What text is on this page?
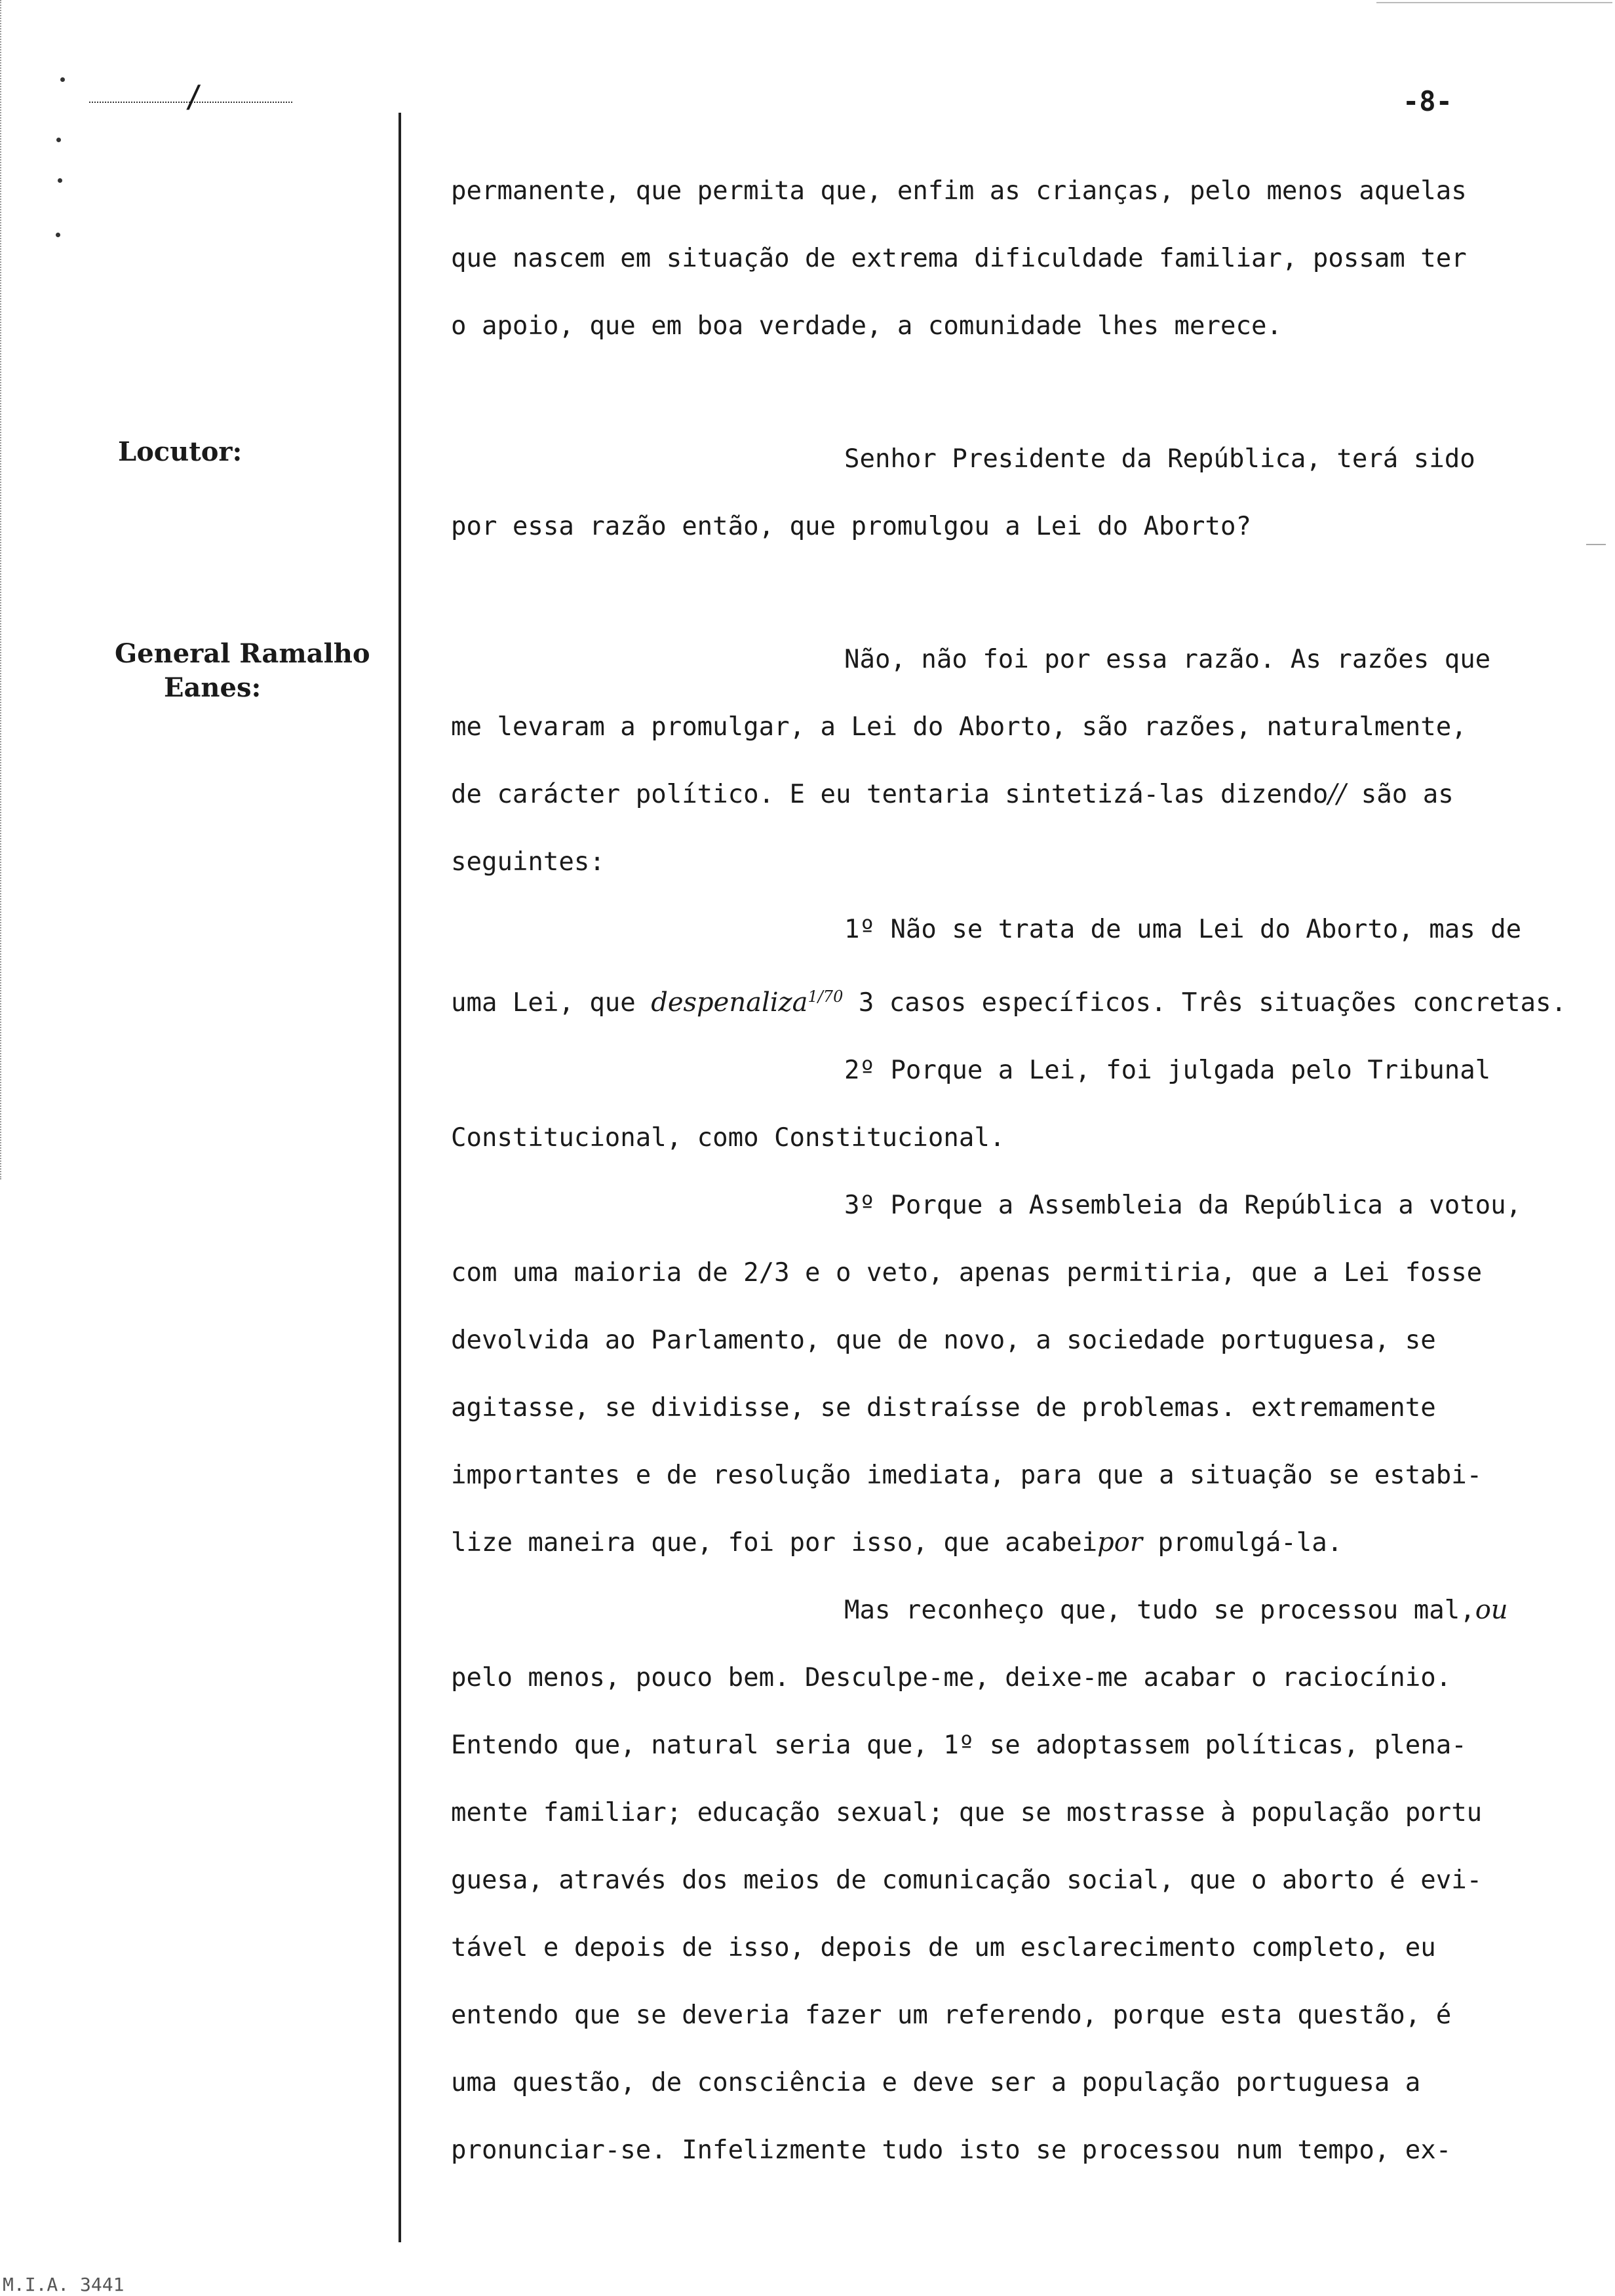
/	-8-
Locutor:
General Ramalho
Eanes:
permanente, que permita que, enfim as crianças, pelo menos aquelas
que nascem em situação de extrema dificuldade familiar, possam ter
o apoio, que em boa verdade, a comunidade lhes merece.
Senhor Presidente da República, terá sido
por essa razão então, que promulgou a Lei do Aborto?
Não, não foi por essa razão. As razões que
me levaram a promulgar, a Lei do Aborto, são razões, naturalmente,
de carácter político. E eu tentaria sintetizá-las dizendo// são as
seguintes:
1º Não se trata de uma Lei do Aborto, mas de
uma Lei, que despenaliza$^{1/70}$ 3 casos específicos. Três situações concretas.
2º Porque a Lei, foi julgada pelo Tribunal
Constitucional, como Constitucional.
3º Porque a Assembleia da República a votou,
com uma maioria de 2/3 e o veto, apenas permitiria, que a Lei fosse
devolvida ao Parlamento, que de novo, a sociedade portuguesa, se
agitasse, se dividisse, se distraísse de problemas. extremamente
importantes e de resolução imediata, para que a situação se estabi-
lize maneira que, foi por isso, que acabeipor promulgá-la.
Mas reconheço que, tudo se processou mal,ou
pelo menos, pouco bem. Desculpe-me, deixe-me acabar o raciocínio.
Entendo que, natural seria que, 1º se adoptassem políticas, plena-
mente familiar; educação sexual; que se mostrasse à população portu
guesa, através dos meios de comunicação social, que o aborto é evi-
tável e depois de isso, depois de um esclarecimento completo, eu
entendo que se deveria fazer um referendo, porque esta questão, é
uma questão, de consciência e deve ser a população portuguesa a
pronunciar-se. Infelizmente tudo isto se processou num tempo, ex-
M.I.A. 3441
